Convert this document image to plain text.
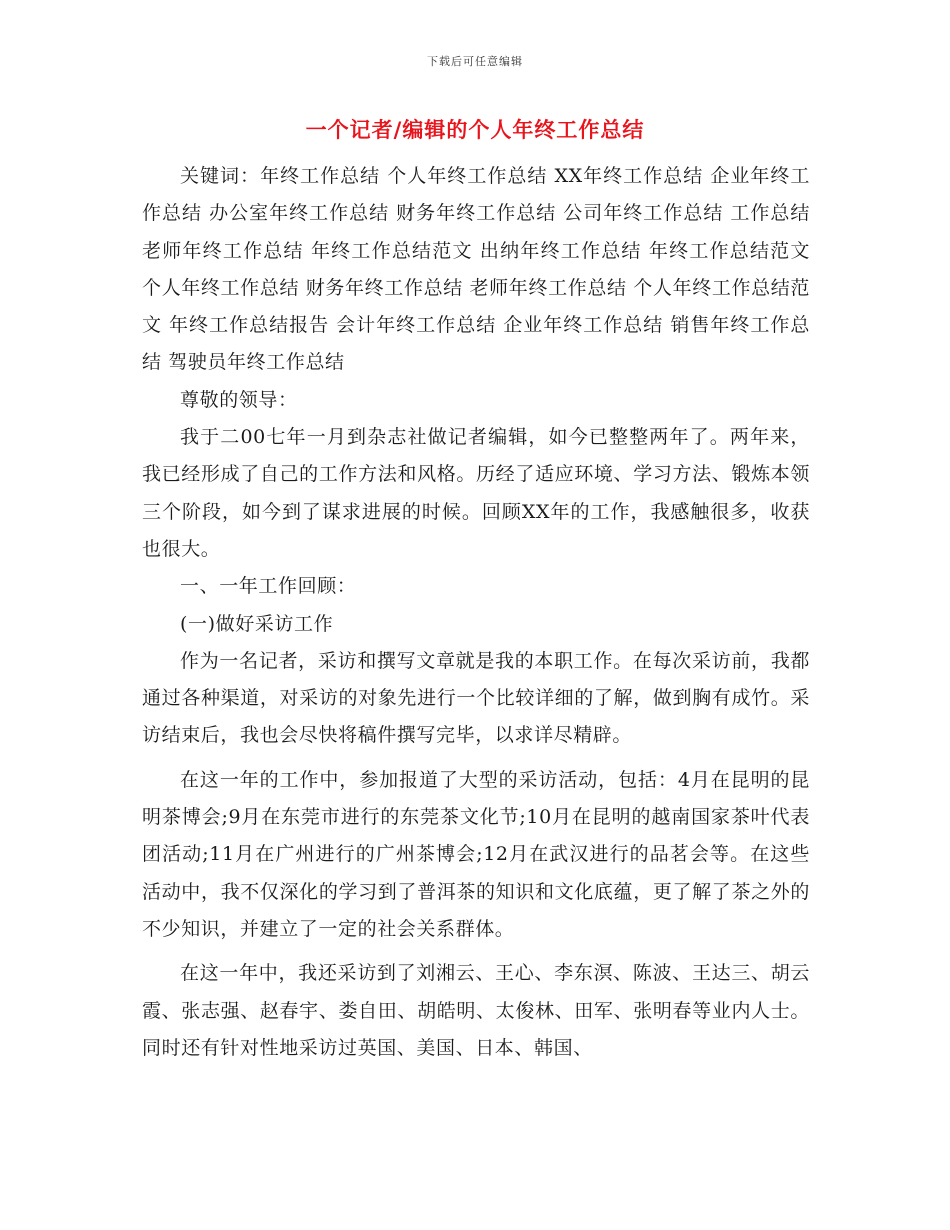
下载后可任意编辑
一个记者/编辑的个人年终工作总结

关键词：年终工作总结 个人年终工作总结 XX年终工作总结 企业年终工作总结 办公室年终工作总结 财务年终工作总结 公司年终工作总结 工作总结 老师年终工作总结 年终工作总结范文 出纳年终工作总结 年终工作总结范文 个人年终工作总结 财务年终工作总结 老师年终工作总结 个人年终工作总结范文 年终工作总结报告 会计年终工作总结 企业年终工作总结 销售年终工作总结 驾驶员年终工作总结

尊敬的领导：

我于二00七年一月到杂志社做记者编辑，如今已整整两年了。两年来，我已经形成了自己的工作方法和风格。历经了适应环境、学习方法、锻炼本领三个阶段，如今到了谋求进展的时候。回顾XX年的工作，我感触很多，收获也很大。

一、一年工作回顾：

(一)做好采访工作

作为一名记者，采访和撰写文章就是我的本职工作。在每次采访前，我都通过各种渠道，对采访的对象先进行一个比较详细的了解，做到胸有成竹。采访结束后，我也会尽快将稿件撰写完毕，以求详尽精辟。

在这一年的工作中，参加报道了大型的采访活动，包括：4月在昆明的昆明茶博会;9月在东莞市进行的东莞茶文化节;10月在昆明的越南国家茶叶代表团活动;11月在广州进行的广州茶博会;12月在武汉进行的品茗会等。在这些活动中，我不仅深化的学习到了普洱茶的知识和文化底蕴，更了解了茶之外的不少知识，并建立了一定的社会关系群体。

在这一年中，我还采访到了刘湘云、王心、李东溟、陈波、王达三、胡云霞、张志强、赵春宇、娄自田、胡皓明、太俊林、田军、张明春等业内人士。同时还有针对性地采访过英国、美国、日本、韩国、
